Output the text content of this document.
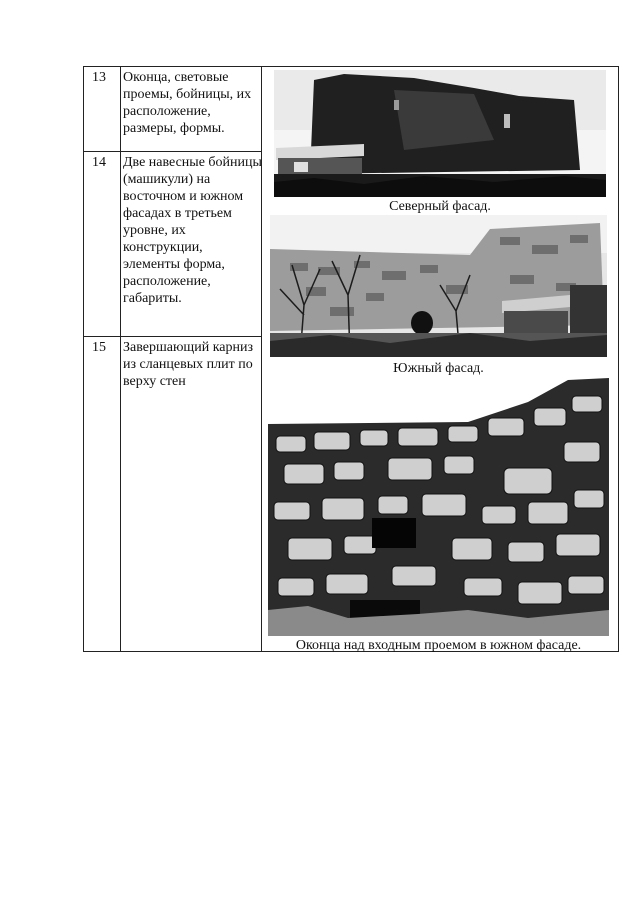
13 Оконца, световые проемы, бойницы, их расположение, размеры, формы.
14 Две навесные бойницы (машикули) на восточном и южном фасадах в третьем уровне, их конструкции, элементы форма, расположение, габариты.
15 Завершающий карниз из сланцевых плит по верху стен
Северный фасад.
Южный фасад.
Оконца над входным проемом в южном фасаде.
